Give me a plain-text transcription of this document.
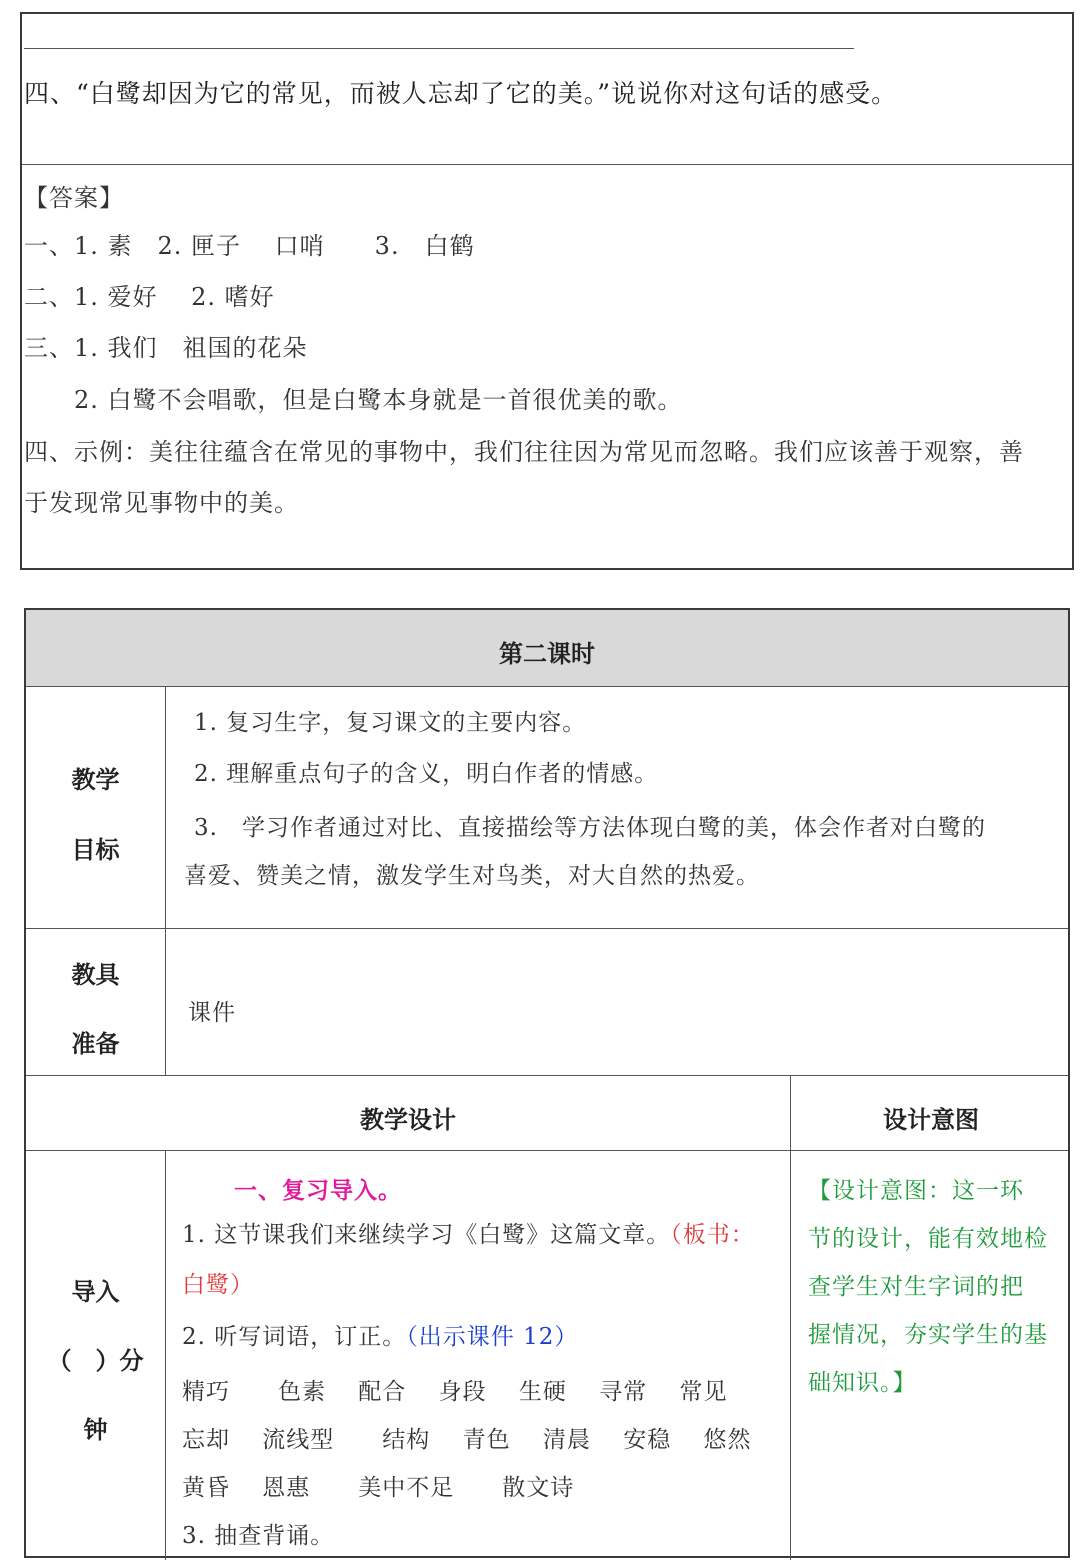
四、“白鹭却因为它的常见，而被人忘却了它的美。”说说你对这句话的感受。
【答案】
一、1. 素　2. 匣子　 口哨　　3.　白鹤
二、1. 爱好　 2. 嗜好
三、1. 我们　祖国的花朵
2. 白鹭不会唱歌，但是白鹭本身就是一首很优美的歌。
四、示例：美往往蕴含在常见的事物中，我们往往因为常见而忽略。我们应该善于观察，善
于发现常见事物中的美。
第二课时
教学
目标
1. 复习生字，复习课文的主要内容。
2. 理解重点句子的含义，明白作者的情感。
3.　学习作者通过对比、直接描绘等方法体现白鹭的美，体会作者对白鹭的
喜爱、赞美之情，激发学生对鸟类，对大自然的热爱。
教具
准备
课件
教学设计	设计意图
导入
（　）分
钟
一、复习导入。
1. 这节课我们来继续学习《白鹭》这篇文章。（板书：
白鹭）
2. 听写词语，订正。（出示课件 12）
精巧　　色素　 配合　 身段　 生硬　 寻常　 常见
忘却　 流线型　　结构　 青色　 清晨　 安稳　 悠然
黄昏　 恩惠　　美中不足　　散文诗
3. 抽查背诵。
【设计意图：这一环
节的设计，能有效地检
查学生对生字词的把
握情况，夯实学生的基
础知识。】
